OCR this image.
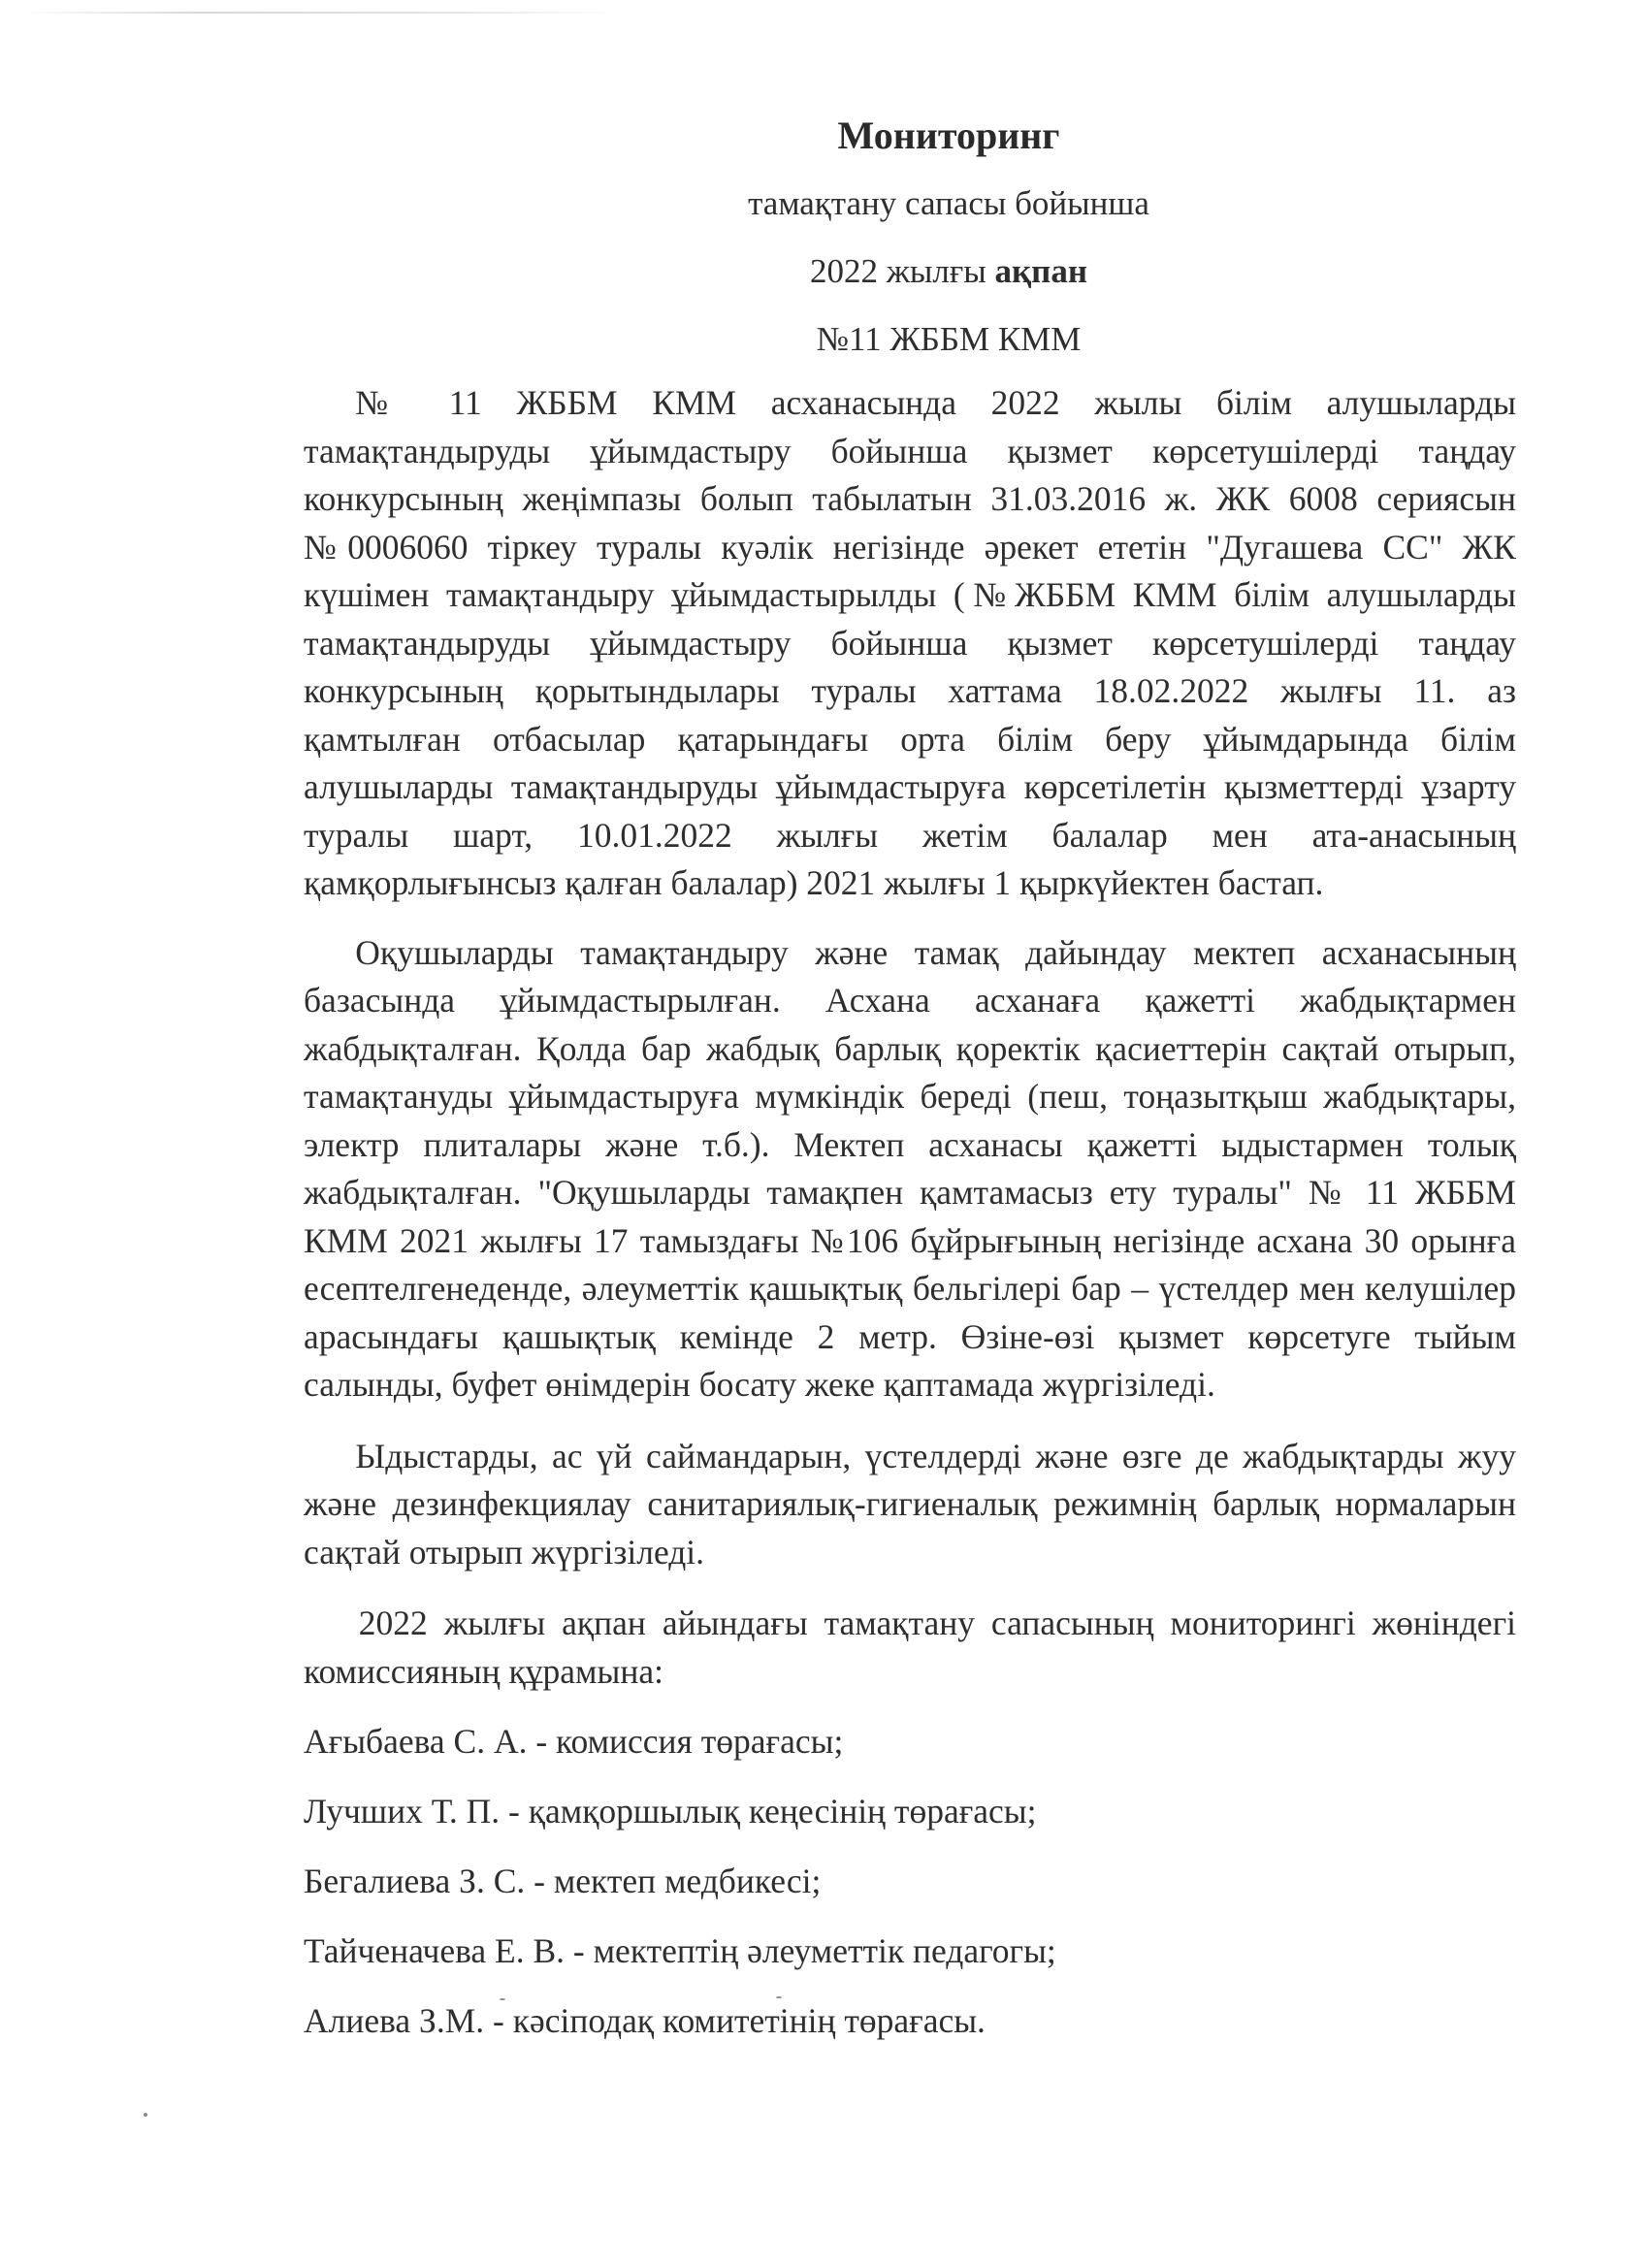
Мониторинг

тамақтану сапасы бойынша

2022 жылғы ақпан

№11 ЖББМ КММ

№ 11 ЖББМ КММ асханасында 2022 жылы білім алушыларды тамақтандыруды ұйымдастыру бойынша қызмет көрсетушілерді таңдау конкурсының жеңімпазы болып табылатын 31.03.2016 ж. ЖК 6008 сериясын №0006060 тіркеу туралы куәлік негізінде әрекет ететін "Дугашева СС" ЖК күшімен тамақтандыру ұйымдастырылды (№ЖББМ КММ білім алушыларды тамақтандыруды ұйымдастыру бойынша қызмет көрсетушілерді таңдау конкурсының қорытындылары туралы хаттама 18.02.2022 жылғы 11. аз қамтылған отбасылар қатарындағы орта білім беру ұйымдарында білім алушыларды тамақтандыруды ұйымдастыруға көрсетілетін қызметтерді ұзарту туралы шарт, 10.01.2022 жылғы жетім балалар мен ата-анасының қамқорлығынсыз қалған балалар) 2021 жылғы 1 қыркүйектен бастап.

Оқушыларды тамақтандыру және тамақ дайындау мектеп асханасының базасында ұйымдастырылған. Асхана асханаға қажетті жабдықтармен жабдықталған. Қолда бар жабдық барлық қоректік қасиеттерін сақтай отырып, тамақтануды ұйымдастыруға мүмкіндік береді (пеш, тоңазытқыш жабдықтары, электр плиталары және т.б.). Мектеп асханасы қажетті ыдыстармен толық жабдықталған. "Оқушыларды тамақпен қамтамасыз ету туралы" № 11 ЖББМ КММ 2021 жылғы 17 тамыздағы №106 бұйрығының негізінде асхана 30 орынға есептелгенеденде, әлеуметтік қашықтық бельгілері бар – үстелдер мен келушілер арасындағы қашықтық кемінде 2 метр. Өзіне-өзі қызмет көрсетуге тыйым салынды, буфет өнімдерін босату жеке қаптамада жүргізіледі.

Ыдыстарды, ас үй саймандарын, үстелдерді және өзге де жабдықтарды жуу және дезинфекциялау санитариялық-гигиеналық режимнің барлық нормаларын сақтай отырып жүргізіледі.

2022 жылғы ақпан айындағы тамақтану сапасының мониторингі жөніндегі комиссияның құрамына:

Ағыбаева С. А. - комиссия төрағасы;

Лучших Т. П. - қамқоршылық кеңесінің төрағасы;

Бегалиева З. С. - мектеп медбикесі;

Тайченачева Е. В. - мектептің әлеуметтік педагогы;

Алиева З.М. - кәсіподақ комитетінің төрағасы.
